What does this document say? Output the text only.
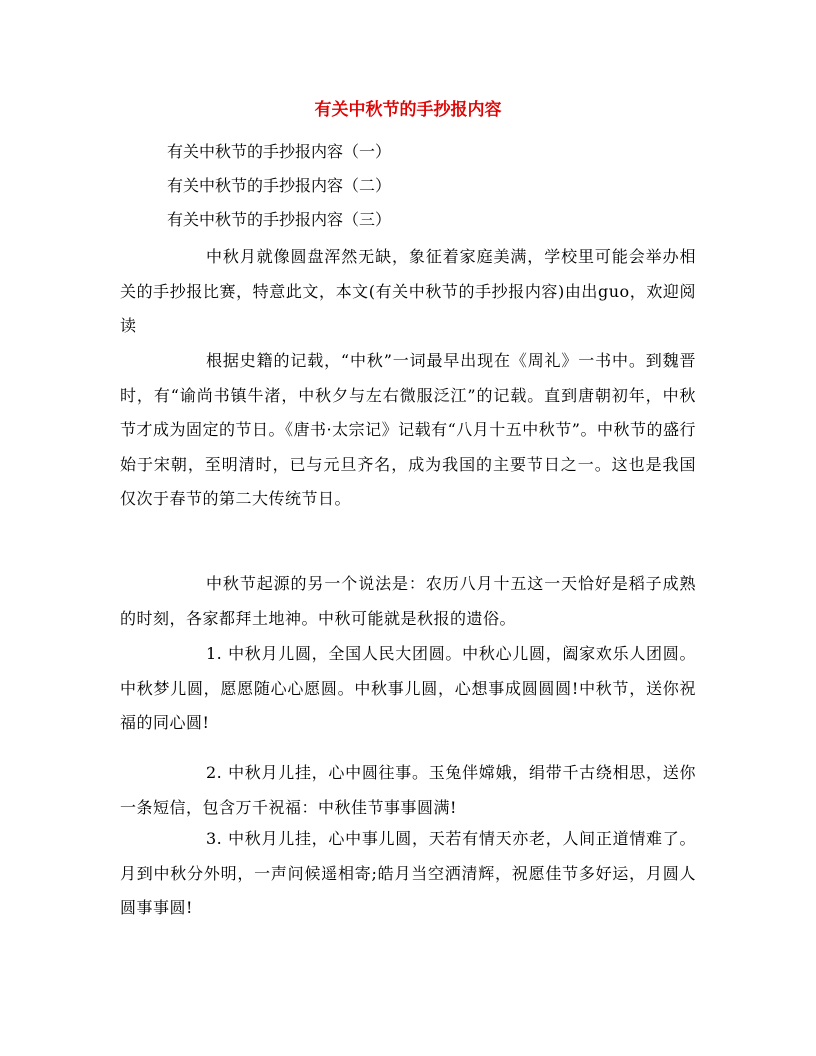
有关中秋节的手抄报内容
有关中秋节的手抄报内容（一）
有关中秋节的手抄报内容（二）
有关中秋节的手抄报内容（三）

中秋月就像圆盘浑然无缺，象征着家庭美满，学校里可能会举办相关的手抄报比赛，特意此文，本文(有关中秋节的手抄报内容)由出guo，欢迎阅读

根据史籍的记载，“中秋”一词最早出现在《周礼》一书中。到魏晋时，有“谕尚书镇牛渚，中秋夕与左右微服泛江”的记载。直到唐朝初年，中秋节才成为固定的节日。《唐书·太宗记》记载有“八月十五中秋节”。中秋节的盛行始于宋朝，至明清时，已与元旦齐名，成为我国的主要节日之一。这也是我国仅次于春节的第二大传统节日。

中秋节起源的另一个说法是：农历八月十五这一天恰好是稻子成熟的时刻，各家都拜土地神。中秋可能就是秋报的遗俗。

1. 中秋月儿圆，全国人民大团圆。中秋心儿圆，阖家欢乐人团圆。中秋梦儿圆，愿愿随心心愿圆。中秋事儿圆，心想事成圆圆圆!中秋节，送你祝福的同心圆!

2. 中秋月儿挂，心中圆往事。玉兔伴嫦娥，绢带千古绕相思，送你一条短信，包含万千祝福：中秋佳节事事圆满!

3. 中秋月儿挂，心中事儿圆，天若有情天亦老，人间正道情难了。月到中秋分外明，一声问候遥相寄;皓月当空洒清辉，祝愿佳节多好运，月圆人圆事事圆!
